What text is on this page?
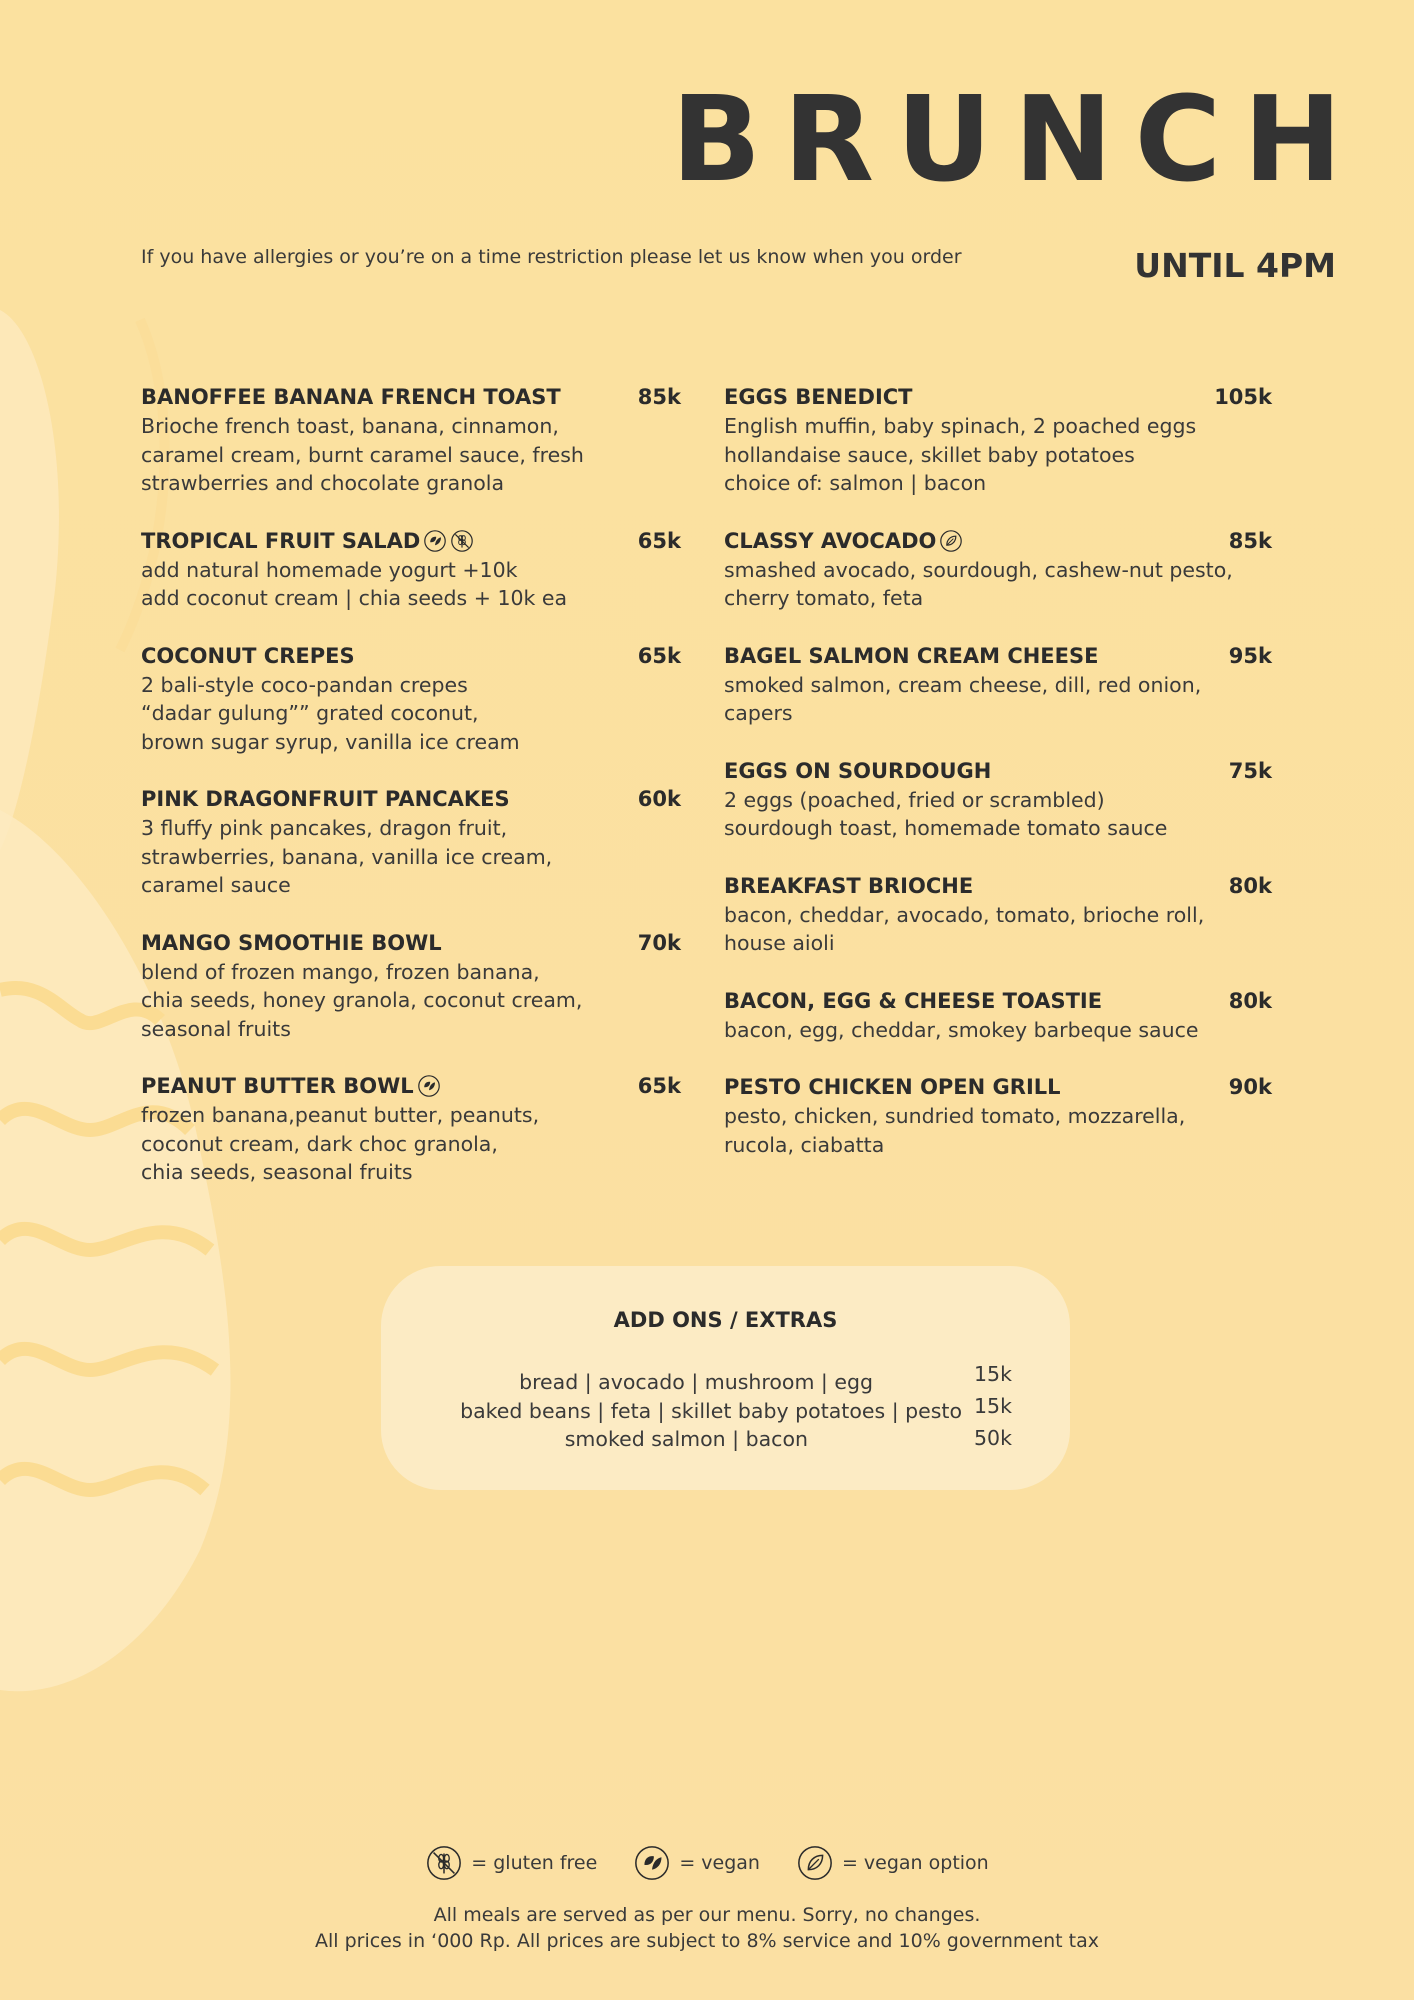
BRUNCH

If you have allergies or you’re on a time restriction please let us know when you order	UNTIL 4PM

BANOFFEE BANANA FRENCH TOAST	85k
Brioche french toast, banana, cinnamon,
caramel cream, burnt caramel sauce, fresh
strawberries and chocolate granola
TROPICAL FRUIT SALAD	65k
add natural homemade yogurt +10k
add coconut cream | chia seeds + 10k ea
COCONUT CREPES	65k
2 bali-style coco-pandan crepes
“dadar gulung”” grated coconut,
brown sugar syrup, vanilla ice cream
PINK DRAGONFRUIT PANCAKES	60k
3 fluffy pink pancakes, dragon fruit,
strawberries, banana, vanilla ice cream,
caramel sauce
MANGO SMOOTHIE BOWL	70k
blend of frozen mango, frozen banana,
chia seeds, honey granola, coconut cream,
seasonal fruits
PEANUT BUTTER BOWL	65k
frozen banana,peanut butter, peanuts,
coconut cream, dark choc granola,
chia seeds, seasonal fruits
EGGS BENEDICT	105k
English muffin, baby spinach, 2 poached eggs
hollandaise sauce, skillet baby potatoes
choice of: salmon | bacon
CLASSY AVOCADO	85k
smashed avocado, sourdough, cashew-nut pesto,
cherry tomato, feta
BAGEL SALMON CREAM CHEESE	95k
smoked salmon, cream cheese, dill, red onion,
capers
EGGS ON SOURDOUGH	75k
2 eggs (poached, fried or scrambled)
sourdough toast, homemade tomato sauce
BREAKFAST BRIOCHE	80k
bacon, cheddar, avocado, tomato, brioche roll,
house aioli
BACON, EGG & CHEESE TOASTIE	80k
bacon, egg, cheddar, smokey barbeque sauce
PESTO CHICKEN OPEN GRILL	90k
pesto, chicken, sundried tomato, mozzarella,
rucola, ciabatta
ADD ONS / EXTRAS
bread | avocado | mushroom | egg	15k
baked beans | feta | skillet baby potatoes | pesto 15k
smoked salmon | bacon	50k
= gluten free	= vegan	= vegan option

All meals are served as per our menu. Sorry, no changes.

All prices in ‘000 Rp. All prices are subject to 8% service and 10% government tax
